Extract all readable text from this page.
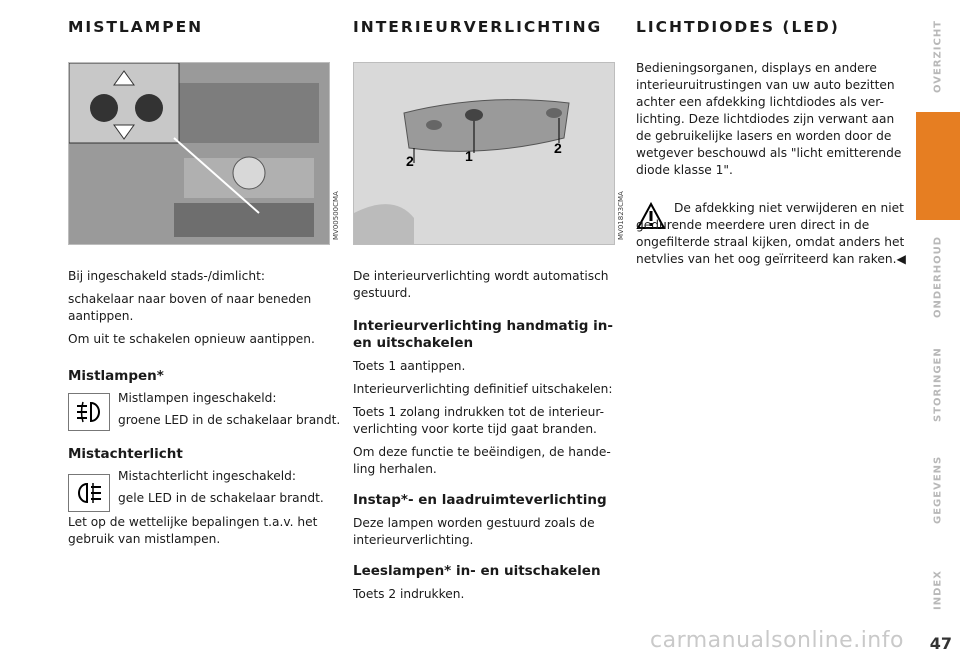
MISTLAMPEN
MV00500CMA

Bij ingeschakeld stads-/dimlicht:

schakelaar naar boven of naar beneden aantippen.

Om uit te schakelen opnieuw aantippen.

Mistlampen*
Mistlampen ingeschakeld:
groene LED in de schakelaar brandt.
Mistachterlicht
Mistachterlicht ingeschakeld:
gele LED in de schakelaar brandt.
Let op de wettelijke bepalingen t.a.v. het gebruik van mistlampen.
INTERIEURVERLICHTING
2	1	2
MV01823CMA

De interieurverlichting wordt automatisch gestuurd.

Interieurverlichting handmatig in- en uitschakelen

Toets 1 aantippen.

Interieurverlichting definitief uitschakelen:

Toets 1 zolang indrukken tot de interieur-verlichting voor korte tijd gaat branden.

Om deze functie te beëindigen, de hande-ling herhalen.

Instap*- en laadruimteverlichting

Deze lampen worden gestuurd zoals de interieurverlichting.

Leeslampen* in- en uitschakelen

Toets 2 indrukken.

LICHTDIODES (LED)
Bedieningsorganen, displays en andere interieuruitrustingen van uw auto bezitten achter een afdekking lichtdiodes als ver-lichting. Deze lichtdiodes zijn verwant aan de gebruikelijke lasers en worden door de wetgever beschouwd als "licht emitterende diode klasse 1".
De afdekking niet verwijderen en niet gedurende meerdere uren direct in de ongefilterde straal kijken, omdat anders het netvlies van het oog geïrriteerd kan raken.◀
OVERZICHT
BEDIENING
ONDERHOUD
STORINGEN
GEGEVENS
INDEX
47
carmanualsonline.info
